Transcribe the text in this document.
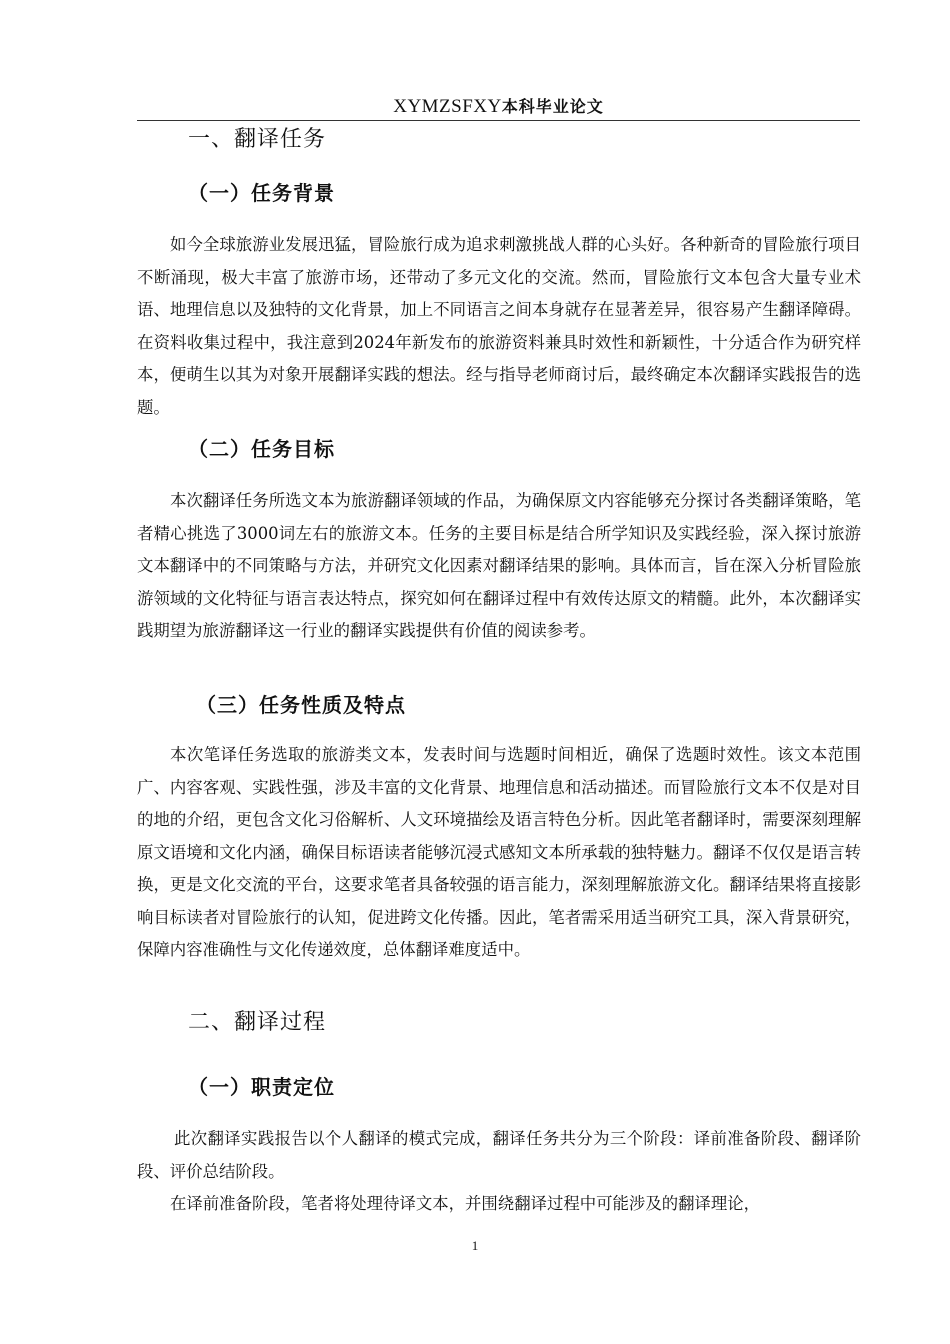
XYMZSFXY本科毕业论文
一、翻译任务
（一）任务背景

如今全球旅游业发展迅猛，冒险旅行成为追求刺激挑战人群的心头好。各种新奇的冒险旅行项目不断涌现，极大丰富了旅游市场，还带动了多元文化的交流。然而，冒险旅行文本包含大量专业术语、地理信息以及独特的文化背景，加上不同语言之间本身就存在显著差异，很容易产生翻译障碍。在资料收集过程中，我注意到2024年新发布的旅游资料兼具时效性和新颖性，十分适合作为研究样本，便萌生以其为对象开展翻译实践的想法。经与指导老师商讨后，最终确定本次翻译实践报告的选题。

（二）任务目标

本次翻译任务所选文本为旅游翻译领域的作品，为确保原文内容能够充分探讨各类翻译策略，笔者精心挑选了3000词左右的旅游文本。任务的主要目标是结合所学知识及实践经验，深入探讨旅游文本翻译中的不同策略与方法，并研究文化因素对翻译结果的影响。具体而言，旨在深入分析冒险旅游领域的文化特征与语言表达特点，探究如何在翻译过程中有效传达原文的精髓。此外，本次翻译实践期望为旅游翻译这一行业的翻译实践提供有价值的阅读参考。

（三）任务性质及特点

本次笔译任务选取的旅游类文本，发表时间与选题时间相近，确保了选题时效性。该文本范围广、内容客观、实践性强，涉及丰富的文化背景、地理信息和活动描述。而冒险旅行文本不仅是对目的地的介绍，更包含文化习俗解析、人文环境描绘及语言特色分析。因此笔者翻译时，需要深刻理解原文语境和文化内涵，确保目标语读者能够沉浸式感知文本所承载的独特魅力。翻译不仅仅是语言转换，更是文化交流的平台，这要求笔者具备较强的语言能力，深刻理解旅游文化。翻译结果将直接影响目标读者对冒险旅行的认知，促进跨文化传播。因此，笔者需采用适当研究工具，深入背景研究，保障内容准确性与文化传递效度，总体翻译难度适中。

二、翻译过程
（一）职责定位

此次翻译实践报告以个人翻译的模式完成，翻译任务共分为三个阶段：译前准备阶段、翻译阶段、评价总结阶段。

在译前准备阶段，笔者将处理待译文本，并围绕翻译过程中可能涉及的翻译理论，

1
